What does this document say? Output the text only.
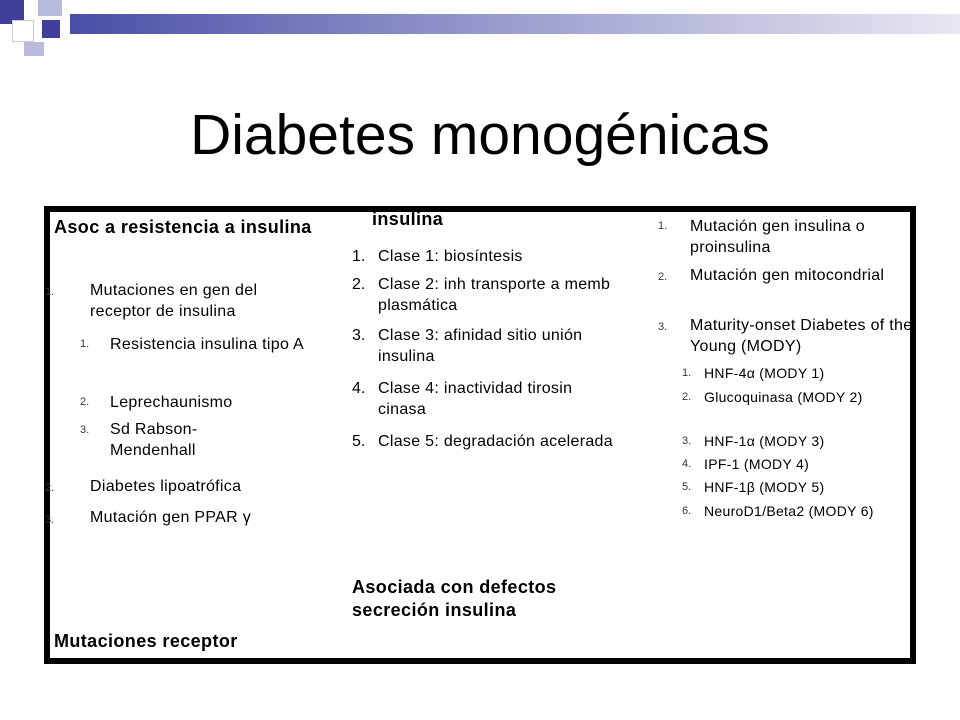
Diabetes monogénicas

Asoc a resistencia a insulina

1. Mutaciones en gen del receptor de insulina

1. Resistencia insulina tipo A

2. Leprechaunismo

3. Sd Rabson-Mendenhall

2. Diabetes lipoatrófica

3. Mutación gen PPAR γ

Mutaciones receptor

insulina

1. Clase 1: biosíntesis

2. Clase 2: inh transporte a memb plasmática

3. Clase 3: afinidad sitio unión insulina

4. Clase 4: inactividad tirosin cinasa

5. Clase 5: degradación acelerada

Asociada con defectos secreción insulina

1. Mutación gen insulina o proinsulina

2. Mutación gen mitocondrial

3. Maturity-onset Diabetes of the Young (MODY)

1. HNF-4α (MODY 1)

2. Glucoquinasa (MODY 2)

3. HNF-1α (MODY 3)

4. IPF-1 (MODY 4)

5. HNF-1β (MODY 5)

6. NeuroD1/Beta2 (MODY 6)
